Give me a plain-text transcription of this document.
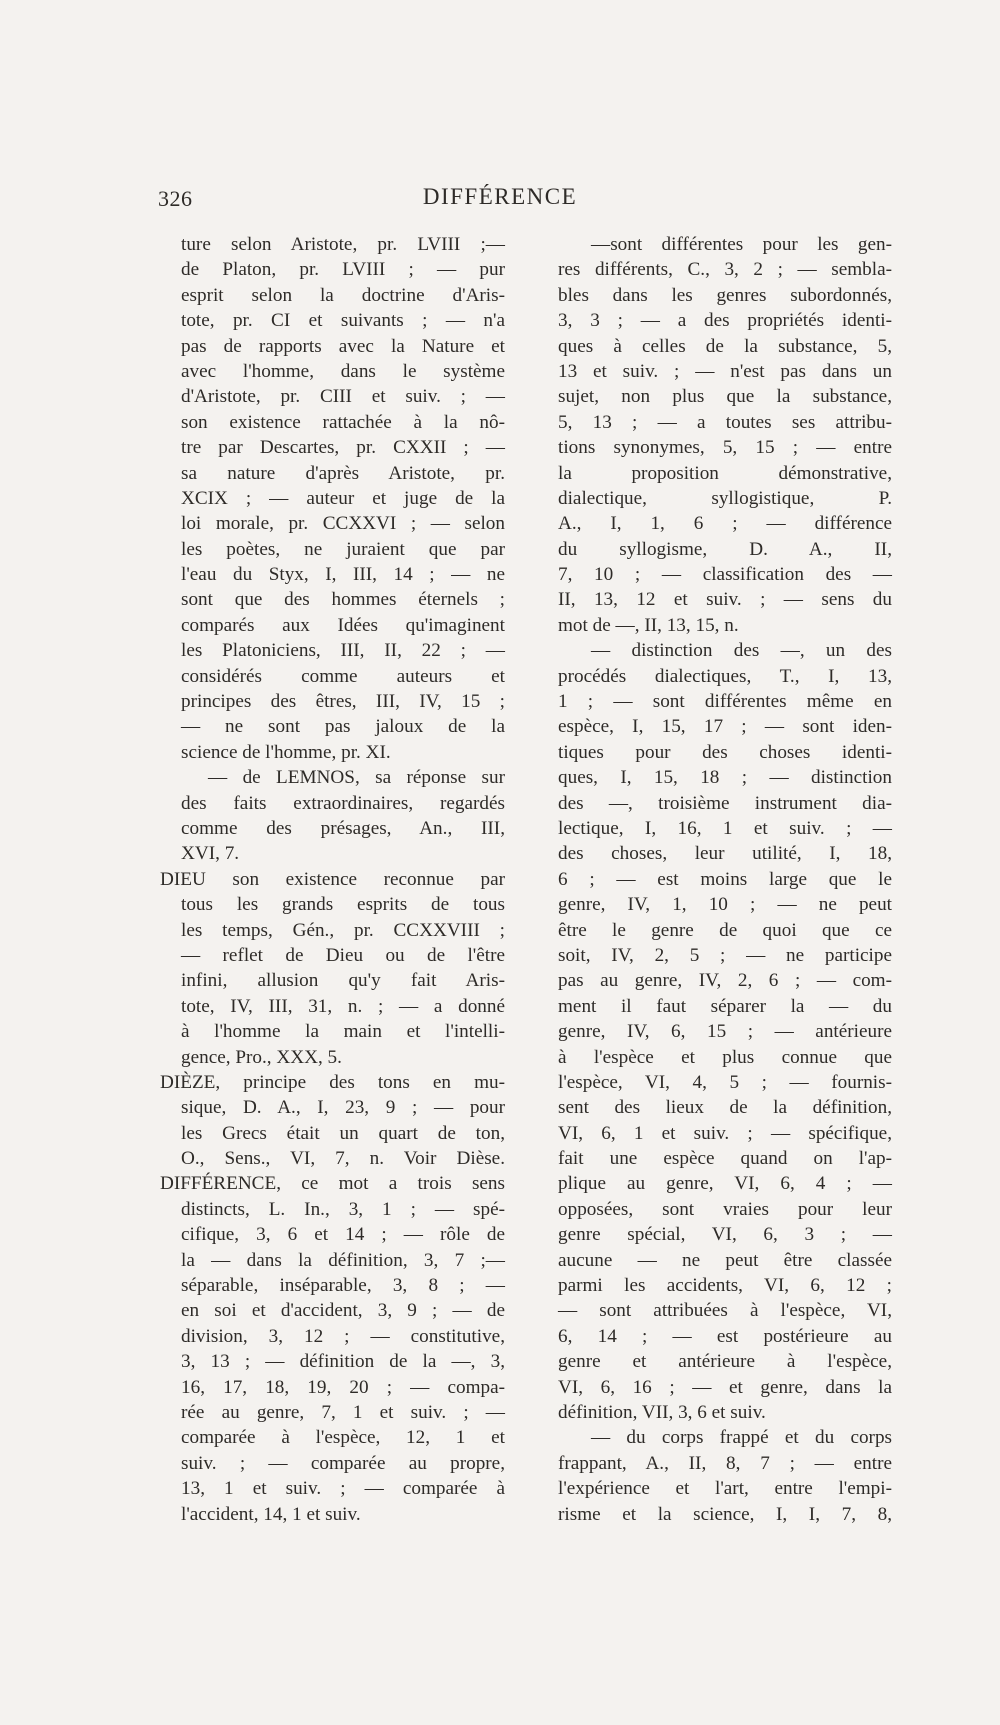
326	DIFFÉRENCE
ture selon Aristote, pr. LVIII ;—
de Platon, pr. LVIII ; — pur
esprit selon la doctrine d'Aris-
tote, pr. CI et suivants ; — n'a
pas de rapports avec la Nature et
avec l'homme, dans le système
d'Aristote, pr. CIII et suiv. ; —
son existence rattachée à la nô-
tre par Descartes, pr. CXXII ; —
sa nature d'après Aristote, pr.
XCIX ; — auteur et juge de la
loi morale, pr. CCXXVI ; — selon
les poètes, ne juraient que par
l'eau du Styx, I, III, 14 ; — ne
sont que des hommes éternels ;
comparés aux Idées qu'imaginent
les Platoniciens, III, II, 22 ; —
considérés comme auteurs et
principes des êtres, III, IV, 15 ;
— ne sont pas jaloux de la
science de l'homme, pr. XI.
— de LEMNOS, sa réponse sur
des faits extraordinaires, regardés
comme des présages, An., III,
XVI, 7.
DIEU son existence reconnue par
tous les grands esprits de tous
les temps, Gén., pr. CCXXVIII ;
— reflet de Dieu ou de l'être
infini, allusion qu'y fait Aris-
tote, IV, III, 31, n. ; — a donné
à l'homme la main et l'intelli-
gence, Pro., XXX, 5.
DIÈZE, principe des tons en mu-
sique, D. A., I, 23, 9 ; — pour
les Grecs était un quart de ton,
O., Sens., VI, 7, n. Voir Dièse.
DIFFÉRENCE, ce mot a trois sens
distincts, L. In., 3, 1 ; — spé-
cifique, 3, 6 et 14 ; — rôle de
la — dans la définition, 3, 7 ;—
séparable, inséparable, 3, 8 ; —
en soi et d'accident, 3, 9 ; — de
division, 3, 12 ; — constitutive,
3, 13 ; — définition de la —, 3,
16, 17, 18, 19, 20 ; — compa-
rée au genre, 7, 1 et suiv. ; —
comparée à l'espèce, 12, 1 et
suiv. ; — comparée au propre,
13, 1 et suiv. ; — comparée à
l'accident, 14, 1 et suiv.
—sont différentes pour les gen-
res différents, C., 3, 2 ; — sembla-
bles dans les genres subordonnés,
3, 3 ; — a des propriétés identi-
ques à celles de la substance, 5,
13 et suiv. ; — n'est pas dans un
sujet, non plus que la substance,
5, 13 ; — a toutes ses attribu-
tions synonymes, 5, 15 ; — entre
la proposition démonstrative,
dialectique, syllogistique, P.
A., I, 1, 6 ; — différence
du syllogisme, D. A., II,
7, 10 ; — classification des —
II, 13, 12 et suiv. ; — sens du
mot de —, II, 13, 15, n.
— distinction des —, un des
procédés dialectiques, T., I, 13,
1 ; — sont différentes même en
espèce, I, 15, 17 ; — sont iden-
tiques pour des choses identi-
ques, I, 15, 18 ; — distinction
des —, troisième instrument dia-
lectique, I, 16, 1 et suiv. ; —
des choses, leur utilité, I, 18,
6 ; — est moins large que le
genre, IV, 1, 10 ; — ne peut
être le genre de quoi que ce
soit, IV, 2, 5 ; — ne participe
pas au genre, IV, 2, 6 ; — com-
ment il faut séparer la — du
genre, IV, 6, 15 ; — antérieure
à l'espèce et plus connue que
l'espèce, VI, 4, 5 ; — fournis-
sent des lieux de la définition,
VI, 6, 1 et suiv. ; — spécifique,
fait une espèce quand on l'ap-
plique au genre, VI, 6, 4 ; —
opposées, sont vraies pour leur
genre spécial, VI, 6, 3 ; —
aucune — ne peut être classée
parmi les accidents, VI, 6, 12 ;
— sont attribuées à l'espèce, VI,
6, 14 ; — est postérieure au
genre et antérieure à l'espèce,
VI, 6, 16 ; — et genre, dans la
définition, VII, 3, 6 et suiv.
— du corps frappé et du corps
frappant, A., II, 8, 7 ; — entre
l'expérience et l'art, entre l'empi-
risme et la science, I, I, 7, 8,
